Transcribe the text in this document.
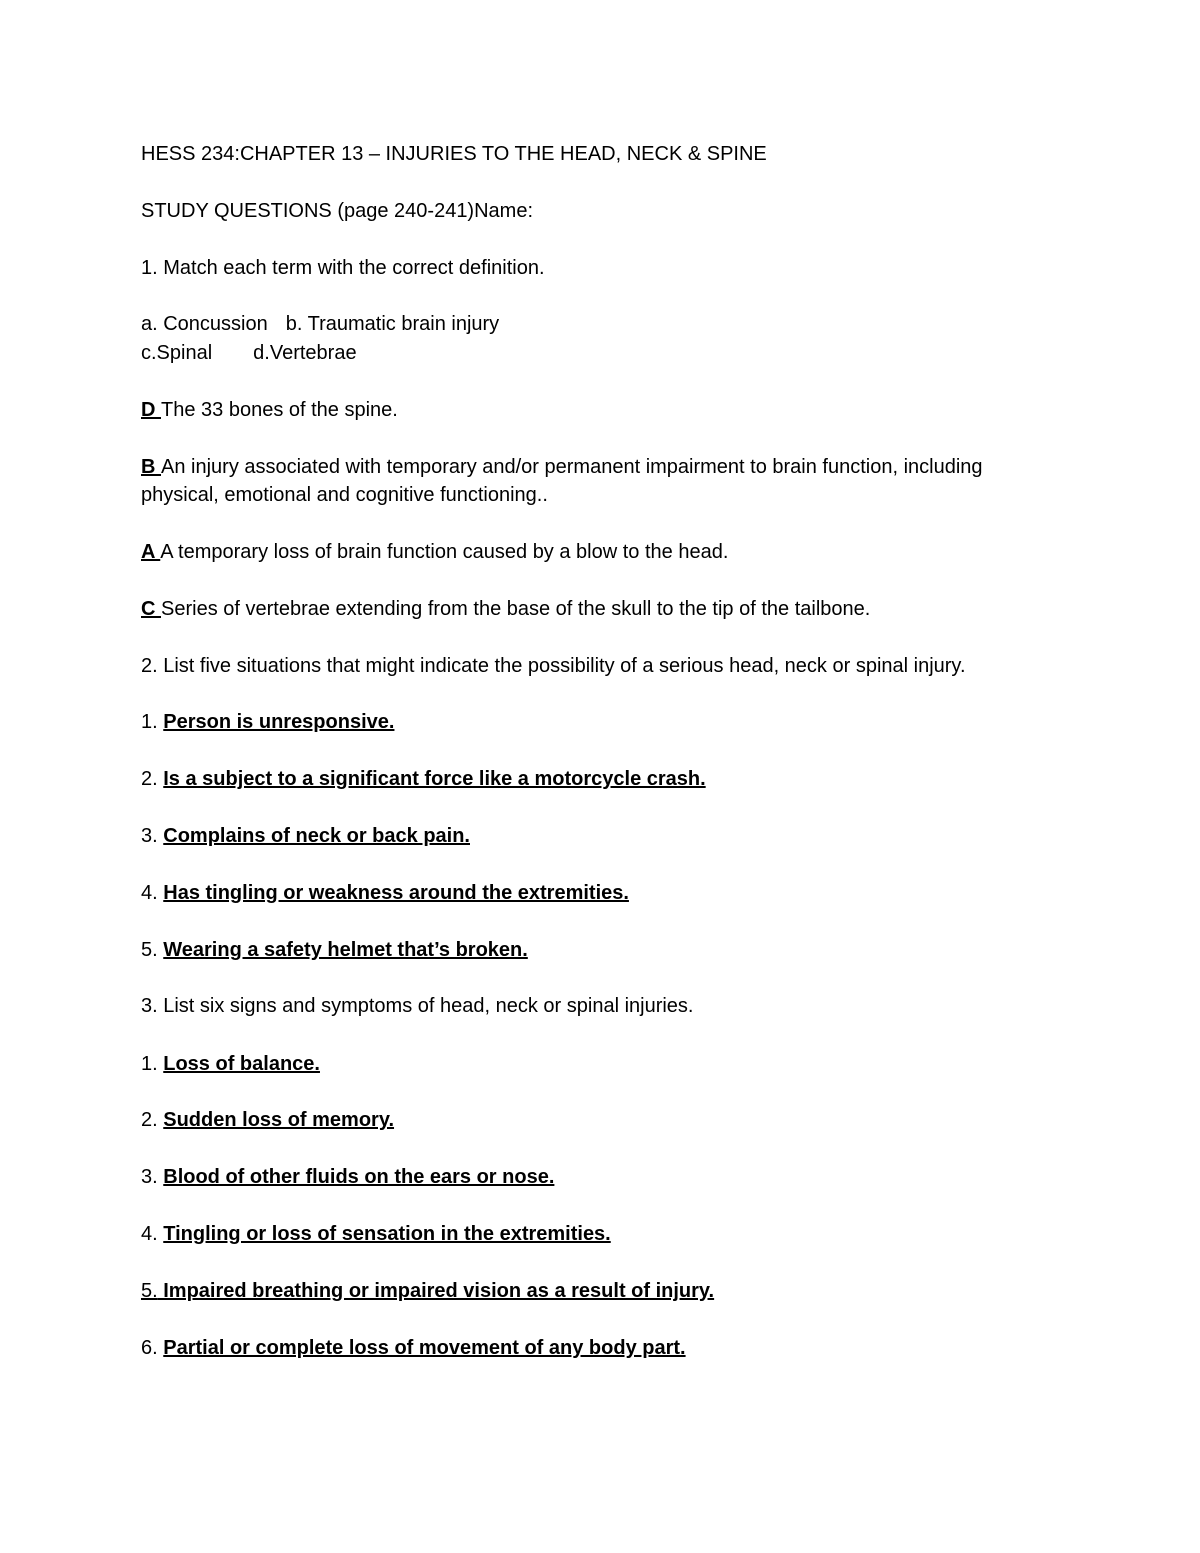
HESS 234:CHAPTER 13 – INJURIES TO THE HEAD, NECK & SPINE
STUDY QUESTIONS (page 240-241)Name:
1. Match each term with the correct definition.
a. Concussion b. Traumatic brain injury
c.Spinal d.Vertebrae
D The 33 bones of the spine.
B An injury associated with temporary and/or permanent impairment to brain function, including physical, emotional and cognitive functioning..
A A temporary loss of brain function caused by a blow to the head.
C Series of vertebrae extending from the base of the skull to the tip of the tailbone.
2. List five situations that might indicate the possibility of a serious head, neck or spinal injury.
1. Person is unresponsive.
2. Is a subject to a significant force like a motorcycle crash.
3. Complains of neck or back pain.
4. Has tingling or weakness around the extremities.
5. Wearing a safety helmet that’s broken.
3. List six signs and symptoms of head, neck or spinal injuries.
1. Loss of balance.
2. Sudden loss of memory.
3. Blood of other fluids on the ears or nose.
4. Tingling or loss of sensation in the extremities.
5. Impaired breathing or impaired vision as a result of injury.
6. Partial or complete loss of movement of any body part.
